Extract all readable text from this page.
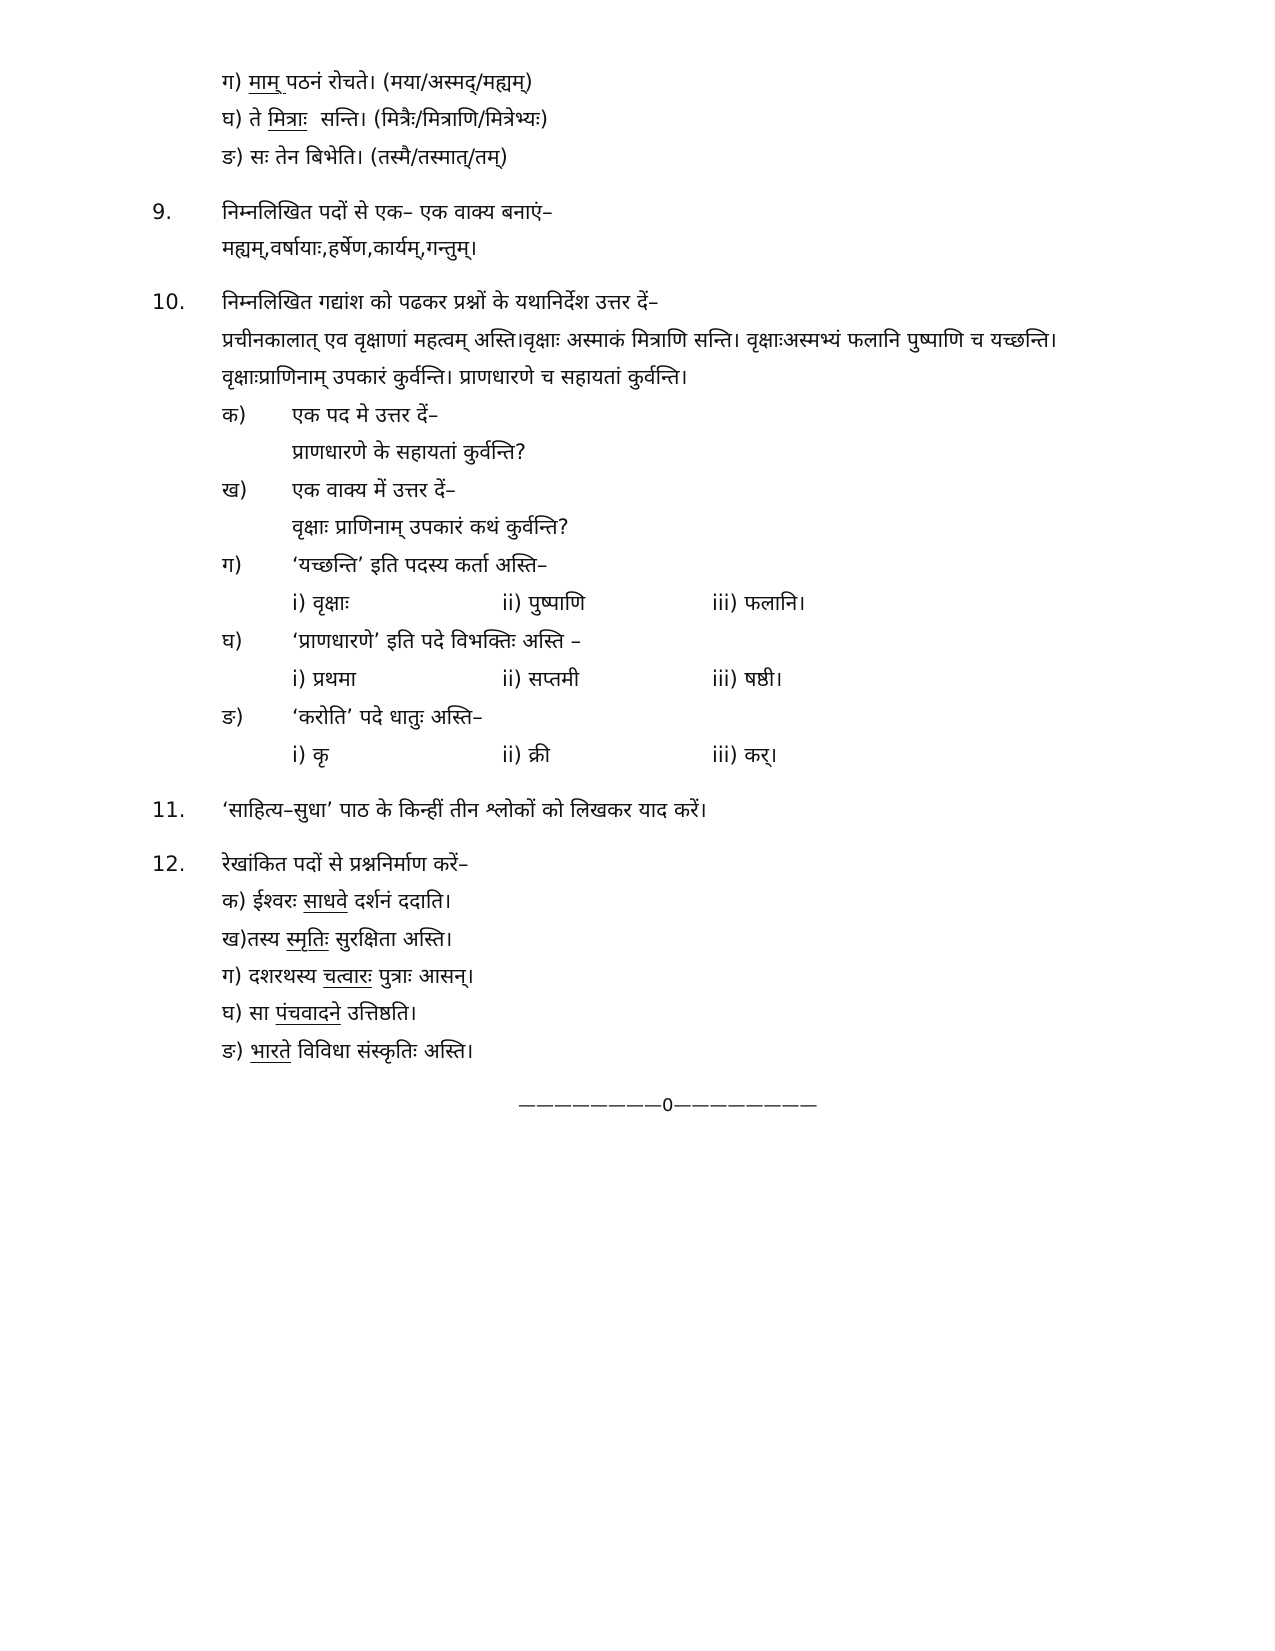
ग) माम् पठनं रोचते। (मया/अस्मद्/मह्यम्)
घ) ते मित्राः  सन्ति। (मित्रैः/मित्राणि/मित्रेभ्यः)
ङ) सः तेन बिभेति। (तस्मै/तस्मात्/तम्)
9. निम्नलिखित पदों से एक– एक वाक्य बनाएं–
मह्यम्,वर्षायाः,हर्षेण,कार्यम्,गन्तुम्।
10. निम्नलिखित गद्यांश को पढकर प्रश्नों के यथानिर्देश उत्तर दें–
प्रचीनकालात् एव वृक्षाणां महत्वम् अस्ति।वृक्षाः अस्माकं मित्राणि सन्ति। वृक्षाःअस्मभ्यं फलानि पुष्पाणि च यच्छन्ति।
वृक्षाःप्राणिनाम् उपकारं कुर्वन्ति। प्राणधारणे च सहायतां कुर्वन्ति।
क) एक पद मे उत्तर दें–
प्राणधारणे के सहायतां कुर्वन्ति?
ख) एक वाक्य में उत्तर दें–
वृक्षाः प्राणिनाम् उपकारं कथं कुर्वन्ति?
ग) ‘यच्छन्ति’ इति पदस्य कर्ता अस्ति–
i) वृक्षाः	ii) पुष्पाणि	iii) फलानि।
घ) ‘प्राणधारणे’ इति पदे विभक्तिः अस्ति –
i) प्रथमा	ii) सप्तमी	iii) षष्ठी।
ङ) ‘करोति’ पदे धातुः अस्ति–
i) कृ	ii) क्री	iii) कर्।
11. ‘साहित्य–सुधा’ पाठ के किन्हीं तीन श्लोकों को लिखकर याद करें।
12. रेखांकित पदों से प्रश्ननिर्माण करें–
क) ईश्वरः साधवे दर्शनं ददाति।
ख)तस्य स्मृतिः सुरक्षिता अस्ति।
ग) दशरथस्य चत्वारः पुत्राः आसन्।
घ) सा पंचवादने उत्तिष्ठति।
ङ) भारते विविधा संस्कृतिः अस्ति।
————————0————————
